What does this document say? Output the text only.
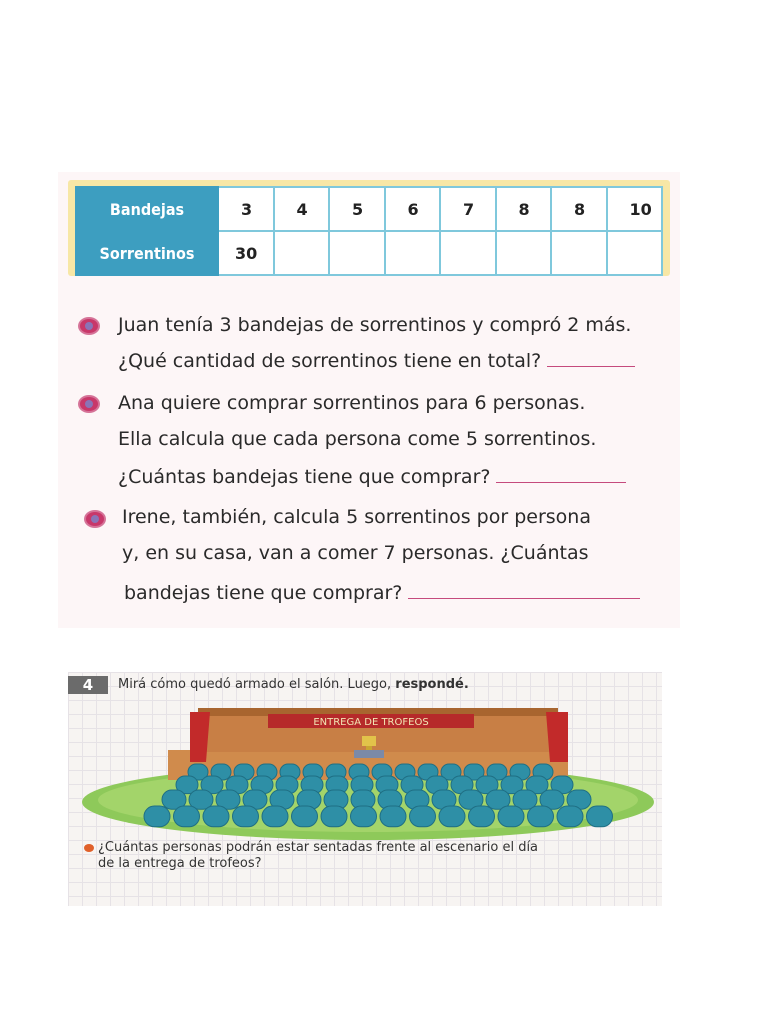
Bandejas	3	4	5	6	7	8	8	10
Sorrentinos	30							
Juan tenía 3 bandejas de sorrentinos y compró 2 más.
¿Qué cantidad de sorrentinos tiene en total?
Ana quiere comprar sorrentinos para 6 personas.
Ella calcula que cada persona come 5 sorrentinos.
¿Cuántas bandejas tiene que comprar?
Irene, también, calcula 5 sorrentinos por persona
y, en su casa, van a comer 7 personas. ¿Cuántas
bandejas tiene que comprar?
4	Mirá cómo quedó armado el salón. Luego, respondé.
ENTREGA DE TROFEOS
¿Cuántas personas podrán estar sentadas frente al escenario el día
de la entrega de trofeos?
